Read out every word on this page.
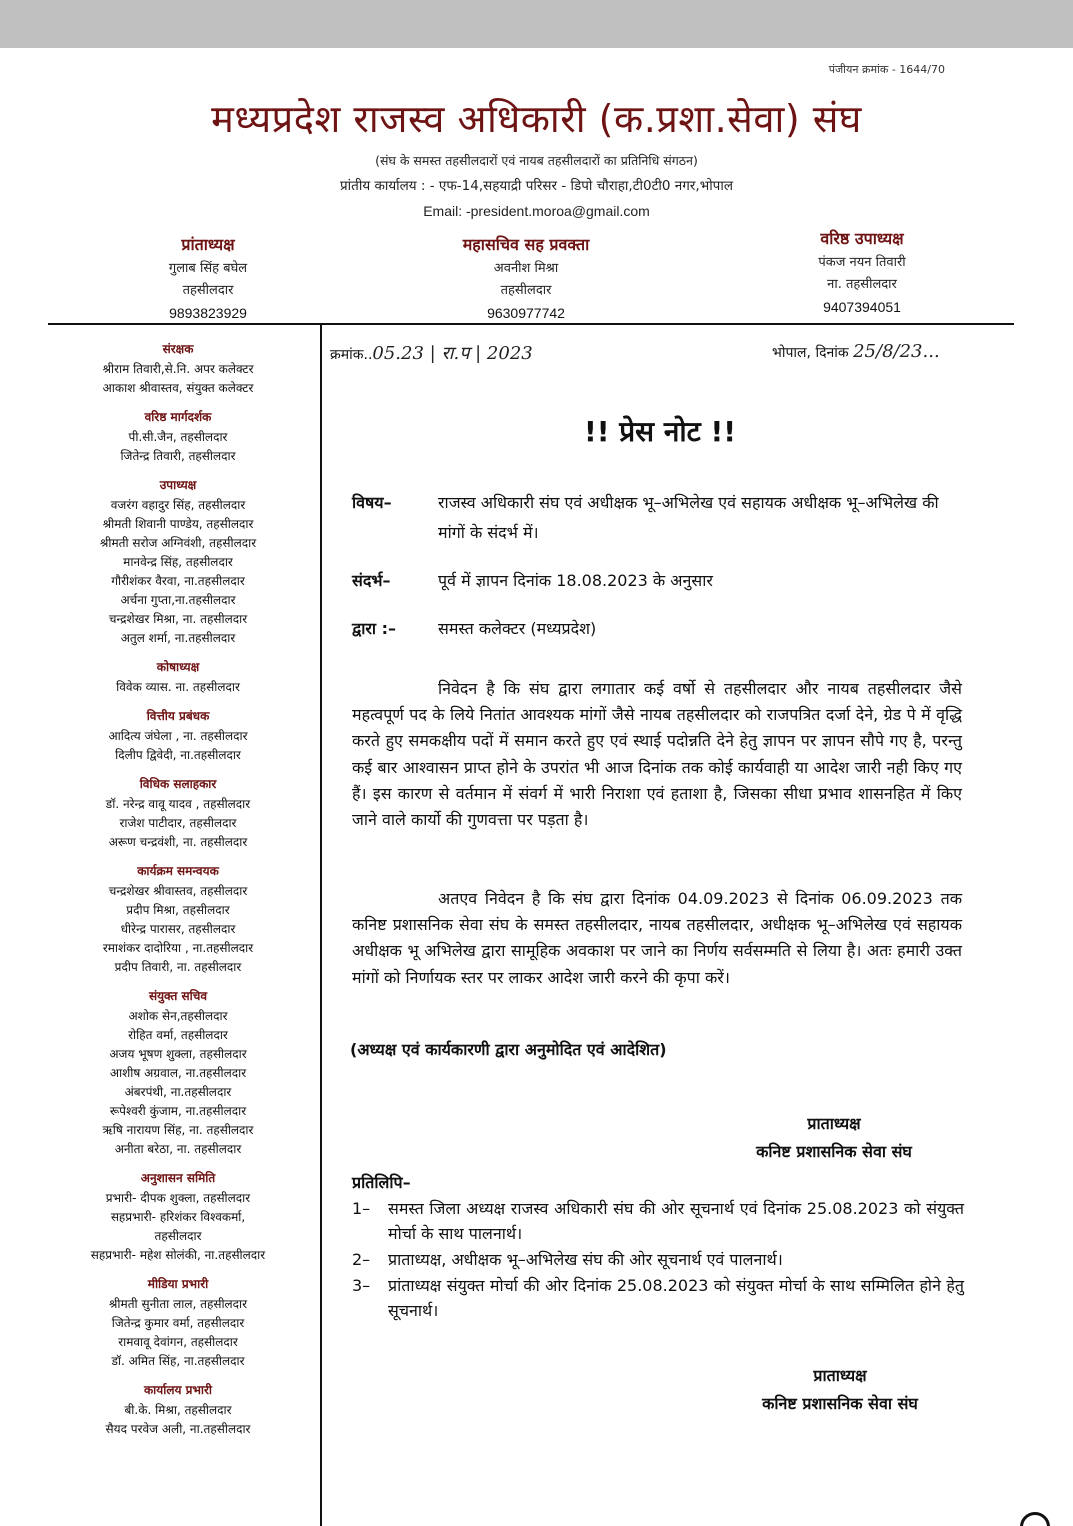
पंजीयन क्रमांक - 1644/70
मध्यप्रदेश राजस्व अधिकारी (क.प्रशा.सेवा) संघ
(संघ के समस्त तहसीलदारों एवं नायब तहसीलदारों का प्रतिनिधि संगठन)
प्रांतीय कार्यालय : - एफ-14,सहयाद्री परिसर - डिपो चौराहा,टी0टी0 नगर,भोपाल
Email: -president.moroa@gmail.com
प्रांताध्यक्ष
गुलाब सिंह बघेल
तहसीलदार
9893823929
महासचिव सह प्रवक्ता
अवनीश मिश्रा
तहसीलदार
9630977742
वरिष्ठ उपाध्यक्ष
पंकज नयन तिवारी
ना. तहसीलदार
9407394051
संरक्षक
श्रीराम तिवारी,से.नि. अपर कलेक्टर
आकाश श्रीवास्तव, संयुक्त कलेक्टर
वरिष्ठ मार्गदर्शक
पी.सी.जैन, तहसीलदार
जितेन्द्र तिवारी, तहसीलदार
उपाध्यक्ष
वजरंग वहादुर सिंह, तहसीलदार
श्रीमती शिवानी पाण्डेय, तहसीलदार
श्रीमती सरोज अग्निवंशी, तहसीलदार
मानवेन्द्र सिंह, तहसीलदार
गौरीशंकर वैरवा, ना.तहसीलदार
अर्चना गुप्ता,ना.तहसीलदार
चन्द्रशेखर मिश्रा, ना. तहसीलदार
अतुल शर्मा, ना.तहसीलदार
कोषाध्यक्ष
विवेक व्यास. ना. तहसीलदार
वित्तीय प्रबंधक
आदित्य जंघेला , ना. तहसीलदार
दिलीप द्विवेदी, ना.तहसीलदार
विधिक सलाहकार
डॉ. नरेन्द्र वावू यादव , तहसीलदार
राजेश पाटीदार, तहसीलदार
अरूण चन्द्रवंशी, ना. तहसीलदार
कार्यक्रम समन्वयक
चन्द्रशेखर श्रीवास्तव, तहसीलदार
प्रदीप मिश्रा, तहसीलदार
धीरेन्द्र पारासर, तहसीलदार
रमाशंकर दादोरिया , ना.तहसीलदार
प्रदीप तिवारी, ना. तहसीलदार
संयुक्त सचिव
अशोक सेन,तहसीलदार
रोहित वर्मा, तहसीलदार
अजय भूषण शुक्ला, तहसीलदार
आशीष अग्रवाल, ना.तहसीलदार
अंबरपंथी, ना.तहसीलदार
रूपेश्वरी कुंजाम, ना.तहसीलदार
ऋषि नारायण सिंह, ना. तहसीलदार
अनीता बरेठा, ना. तहसीलदार
अनुशासन समिति
प्रभारी- दीपक शुक्ला, तहसीलदार
सहप्रभारी- हरिशंकर विश्वकर्मा,
तहसीलदार
सहप्रभारी- महेश सोलंकी, ना.तहसीलदार
मीडिया प्रभारी
श्रीमती सुनीता लाल, तहसीलदार
जितेन्द्र कुमार वर्मा, तहसीलदार
रामवावू देवांगन, तहसीलदार
डॉ. अमित सिंह, ना.तहसीलदार
कार्यालय प्रभारी
बी.के. मिश्रा, तहसीलदार
सैयद परवेज अली, ना.तहसीलदार
क्रमांक..05.23 | रा.प | 2023	भोपाल, दिनांक 25/8/23...
!! प्रेस नोट !!
विषय–	राजस्व अधिकारी संघ एवं अधीक्षक भू–अभिलेख एवं सहायक अधीक्षक भू–अभिलेख की मांगों के संदर्भ में।
संदर्भ–	पूर्व में ज्ञापन दिनांक 18.08.2023 के अनुसार
द्वारा :–	समस्त कलेक्टर (मध्यप्रदेश)
निवेदन है कि संघ द्वारा लगातार कई वर्षो से तहसीलदार और नायब तहसीलदार जैसे महत्वपूर्ण पद के लिये नितांत आवश्यक मांगों जैसे नायब तहसीलदार को राजपत्रित दर्जा देने, ग्रेड पे में वृद्धि करते हुए समकक्षीय पदों में समान करते हुए एवं स्थाई पदोन्नति देने हेतु ज्ञापन पर ज्ञापन सौपे गए है, परन्तु कई बार आश्वासन प्राप्त होने के उपरांत भी आज दिनांक तक कोई कार्यवाही या आदेश जारी नही किए गए हैं। इस कारण से वर्तमान में संवर्ग में भारी निराशा एवं हताशा है, जिसका सीधा प्रभाव शासनहित में किए जाने वाले कार्यो की गुणवत्ता पर पड़ता है।
अतएव निवेदन है कि संघ द्वारा दिनांक 04.09.2023 से दिनांक 06.09.2023 तक कनिष्ट प्रशासनिक सेवा संघ के समस्त तहसीलदार, नायब तहसीलदार, अधीक्षक भू–अभिलेख एवं सहायक अधीक्षक भू अभिलेख द्वारा सामूहिक अवकाश पर जाने का निर्णय सर्वसम्मति से लिया है। अतः हमारी उक्त मांगों को निर्णायक स्तर पर लाकर आदेश जारी करने की कृपा करें।
(अध्यक्ष एवं कार्यकारणी द्वारा अनुमोदित एवं आदेशित)
प्राताध्यक्ष
कनिष्ट प्रशासनिक सेवा संघ
प्रतिलिपि–
1–	समस्त जिला अध्यक्ष राजस्व अधिकारी संघ की ओर सूचनार्थ एवं दिनांक 25.08.2023 को संयुक्त मोर्चा के साथ पालनार्थ।
2–	प्राताध्यक्ष, अधीक्षक भू–अभिलेख संघ की ओर सूचनार्थ एवं पालनार्थ।
3–	प्रांताध्यक्ष संयुक्त मोर्चा की ओर दिनांक 25.08.2023 को संयुक्त मोर्चा के साथ सम्मिलित होने हेतु सूचनार्थ।
प्राताध्यक्ष
कनिष्ट प्रशासनिक सेवा संघ
